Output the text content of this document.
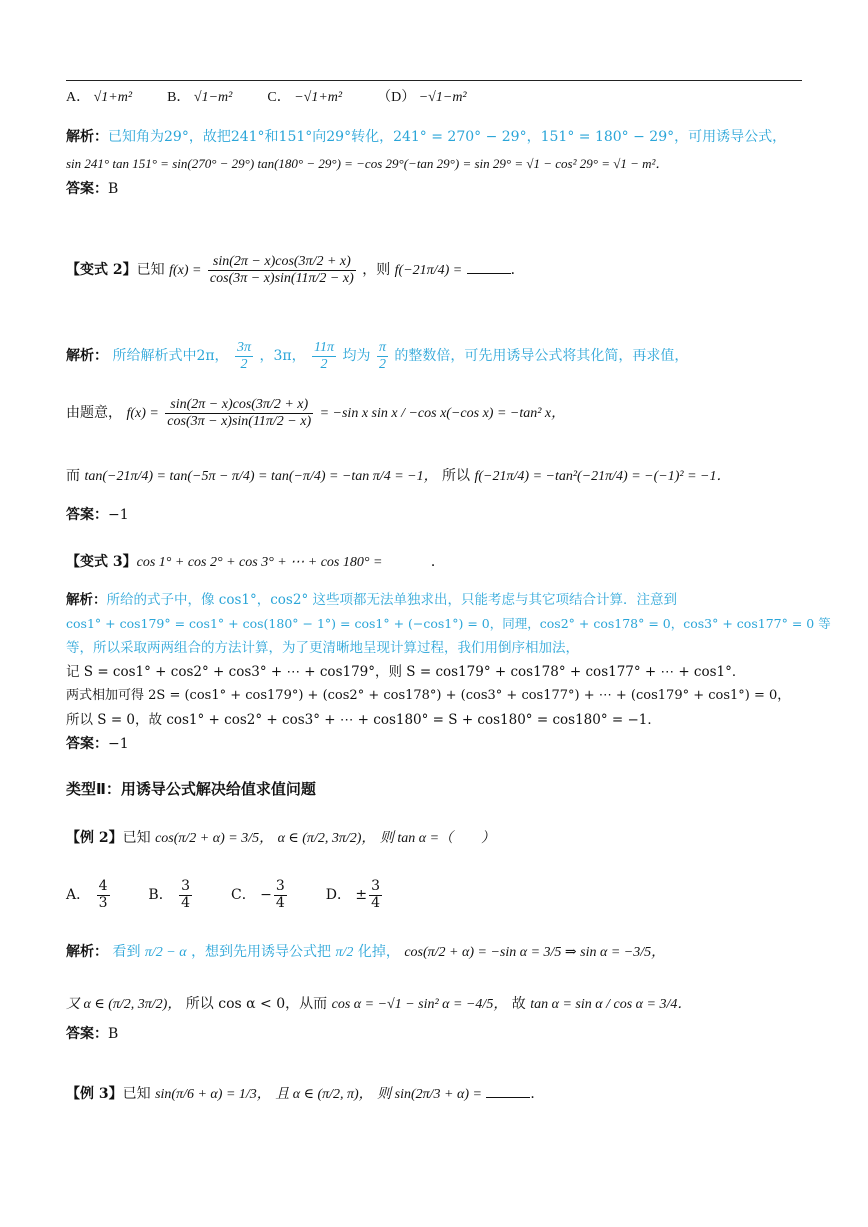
A． √1+m²	B． √1−m²	C． −√1+m²	（D） −√1−m²
解析：已知角为29°，故把241°和151°向29°转化，241° = 270° − 29°，151° = 180° − 29°，可用诱导公式，
sin 241° tan 151° = sin(270° − 29°) tan(180° − 29°) = −cos 29°(−tan 29°) = sin 29° = √1 − cos² 29° = √1 − m²．
答案：B
【变式 2】已知 $f(x) = \frac{\sin(2\pi - x)\cos(3\pi/2 + x)}{\cos(3\pi - x)\sin(11\pi/2 - x)}$ ，则 f(−21π/4) =	．
解析： 所给解析式中2π， $\frac{3\pi}{2}$ ，3π， $\frac{11\pi}{2}$ 均为 $\frac{\pi}{2}$ 的整数倍，可先用诱导公式将其化简，再求值，
由题意， $f(x) = \frac{\sin(2\pi - x)\cos(3\pi/2 + x)}{\cos(3\pi - x)\sin(11\pi/2 - x)} = -\sin$ x sin x / −cos x(−cos x) = −tan² x，
而 tan(−21π/4) = tan(−5π − π/4) = tan(−π/4) = −tan π/4 = −1， 所以 f(−21π/4) = −tan²(−21π/4) = −(−1)² = −1．
答案：−1
【变式 3】cos 1° + cos 2° + cos 3° + ⋯ + cos 180° =	．
解析：所给的式子中，像 cos1°，cos2° 这些项都无法单独求出，只能考虑与其它项结合计算．注意到
cos1° + cos179° = cos1° + cos(180° − 1°) = cos1° + (−cos1°) = 0，同理，cos2° + cos178° = 0，cos3° + cos177° = 0 等
等，所以采取两两组合的方法计算，为了更清晰地呈现计算过程，我们用倒序相加法，
记 S = cos1° + cos2° + cos3° + ⋯ + cos179°，则 S = cos179° + cos178° + cos177° + ⋯ + cos1°．
两式相加可得 2S = (cos1° + cos179°) + (cos2° + cos178°) + (cos3° + cos177°) + ⋯ + (cos179° + cos1°) = 0，
所以 S = 0，故 cos1° + cos2° + cos3° + ⋯ + cos180° = S + cos180° = cos180° = −1．
答案：−1
类型Ⅱ：用诱导公式解决给值求值问题
【例 2】已知 cos(π/2 + α) = 3/5， α ∈ (π/2, 3π/2)， 则 tan α =（　　）
A． $\frac{4}{3}$	B． $\frac{3}{4}$	C． − $\frac{3}{4}$	D． ± $\frac{3}{4}$
解析： 看到 π/2 − α ，想到先用诱导公式把 π/2 化掉， cos(π/2 + α) = −sin α = 3/5 ⇒ sin α = −3/5，
又 α ∈ (π/2, 3π/2)， 所以 cos α < 0，从而 cos α = −√1 − sin² α = −4/5， 故 tan α = sin α / cos α = 3/4．
答案：B
【例 3】已知 sin(π/6 + α) = 1/3， 且 α ∈ (π/2, π)， 则 sin(2π/3 + α) =	．
